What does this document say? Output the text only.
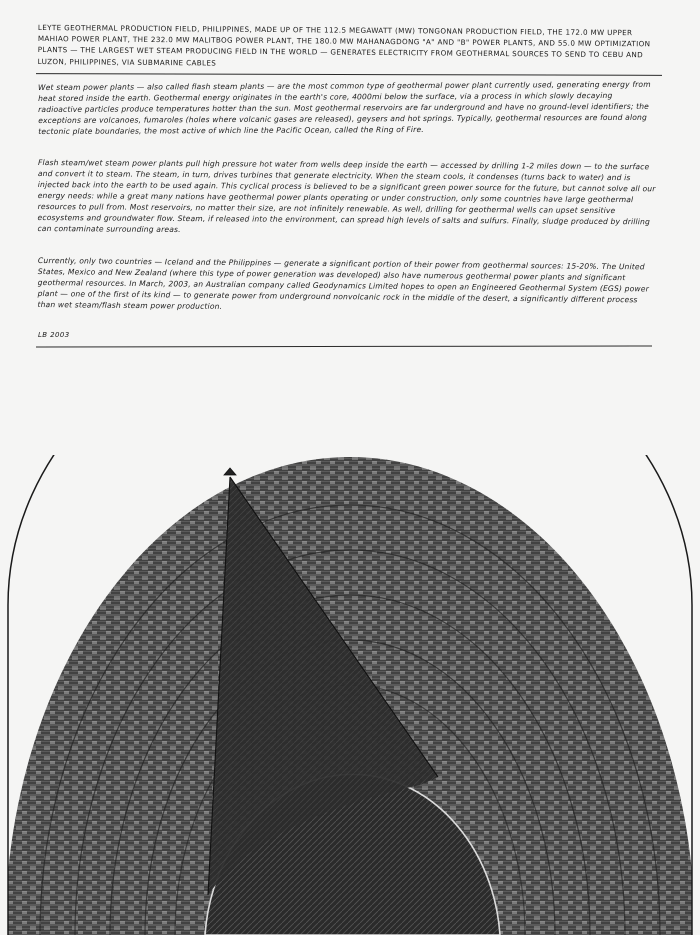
LEYTE GEOTHERMAL PRODUCTION FIELD, PHILIPPINES, MADE UP OF THE 112.5 MEGAWATT (MW) TONGONAN PRODUCTION FIELD, THE 172.0 MW UPPER MAHIAO POWER PLANT, THE 232.0 MW MALITBOG POWER PLANT, THE 180.0 MW MAHANAGDONG "A" AND "B" POWER PLANTS, AND 55.0 MW OPTIMIZATION PLANTS — THE LARGEST WET STEAM PRODUCING FIELD IN THE WORLD — GENERATES ELECTRICITY FROM GEOTHERMAL SOURCES TO SEND TO CEBU AND LUZON, PHILIPPINES, VIA SUBMARINE CABLES
Wet steam power plants — also called flash steam plants — are the most common type of geothermal power plant currently used, generating energy from heat stored inside the earth. Geothermal energy originates in the earth's core, 4000mi below the surface, via a process in which slowly decaying radioactive particles produce temperatures hotter than the sun. Most geothermal reservoirs are far underground and have no ground-level identifiers; the exceptions are volcanoes, fumaroles (holes where volcanic gases are released), geysers and hot springs. Typically, geothermal resources are found along tectonic plate boundaries, the most active of which line the Pacific Ocean, called the Ring of Fire.
Flash steam/wet steam power plants pull high pressure hot water from wells deep inside the earth — accessed by drilling 1-2 miles down — to the surface and convert it to steam. The steam, in turn, drives turbines that generate electricity. When the steam cools, it condenses (turns back to water) and is injected back into the earth to be used again. This cyclical process is believed to be a significant green power source for the future, but cannot solve all our energy needs: while a great many nations have geothermal power plants operating or under construction, only some countries have large geothermal resources to pull from. Most reservoirs, no matter their size, are not infinitely renewable. As well, drilling for geothermal wells can upset sensitive ecosystems and groundwater flow. Steam, if released into the environment, can spread high levels of salts and sulfurs. Finally, sludge produced by drilling can contaminate surrounding areas.
Currently, only two countries — Iceland and the Philippines — generate a significant portion of their power from geothermal sources: 15-20%. The United States, Mexico and New Zealand (where this type of power generation was developed) also have numerous geothermal power plants and significant geothermal resources. In March, 2003, an Australian company called Geodynamics Limited hopes to open an Engineered Geothermal System (EGS) power plant — one of the first of its kind — to generate power from underground nonvolcanic rock in the middle of the desert, a significantly different process than wet steam/flash steam power production.
LB 2003
